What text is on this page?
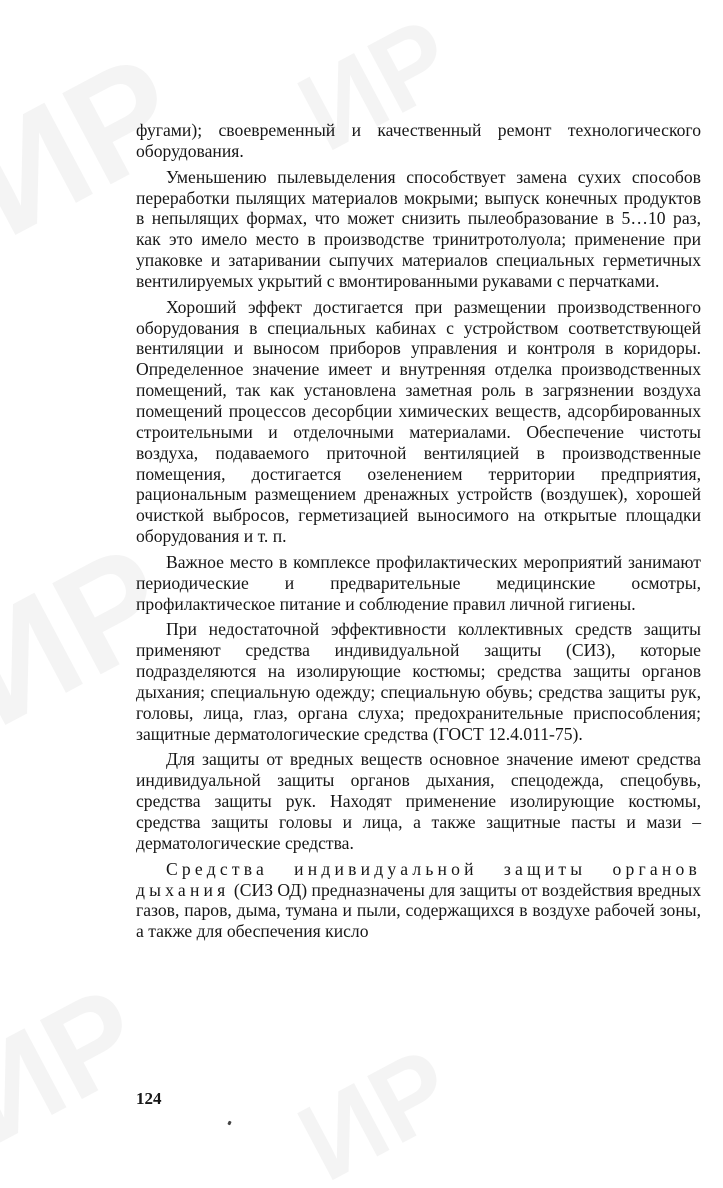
фугами); своевременный и качественный ремонт технологического оборудования.

Уменьшению пылевыделения способствует замена сухих способов переработки пылящих материалов мокрыми; выпуск конечных продуктов в непылящих формах, что может снизить пылеобразование в 5…10 раз, как это имело место в производстве тринитротолуола; применение при упаковке и затаривании сыпучих материалов специальных герметичных вентилируемых укрытий с вмонтированными рукавами с перчатками.

Хороший эффект достигается при размещении производственного оборудования в специальных кабинах с устройством соответствующей вентиляции и выносом приборов управления и контроля в коридоры. Определенное значение имеет и внутренняя отделка производственных помещений, так как установлена заметная роль в загрязнении воздуха помещений процессов десорбции химических веществ, адсорбированных строительными и отделочными материалами. Обеспечение чистоты воздуха, подаваемого приточной вентиляцией в производственные помещения, достигается озеленением территории предприятия, рациональным размещением дренажных устройств (воздушек), хорошей очисткой выбросов, герметизацией выносимого на открытые площадки оборудования и т. п.

Важное место в комплексе профилактических мероприятий занимают периодические и предварительные медицинские осмотры, профилактическое питание и соблюдение правил личной гигиены.

При недостаточной эффективности коллективных средств защиты применяют средства индивидуальной защиты (СИЗ), которые подразделяются на изолирующие костюмы; средства защиты органов дыхания; специальную одежду; специальную обувь; средства защиты рук, головы, лица, глаз, органа слуха; предохранительные приспособления; защитные дерматологические средства (ГОСТ 12.4.011‑75).

Для защиты от вредных веществ основное значение имеют средства индивидуальной защиты органов дыхания, спецодежда, спецобувь, средства защиты рук. Находят применение изолирующие костюмы, средства защиты головы и лица, а также защитные пасты и мази – дерматологические средства.

Средства индивидуальной защиты органов дыхания (СИЗ ОД) предназначены для защиты от воздействия вредных газов, паров, дыма, тумана и пыли, содержащихся в воздухе рабочей зоны, а также для обеспечения кисло

124
